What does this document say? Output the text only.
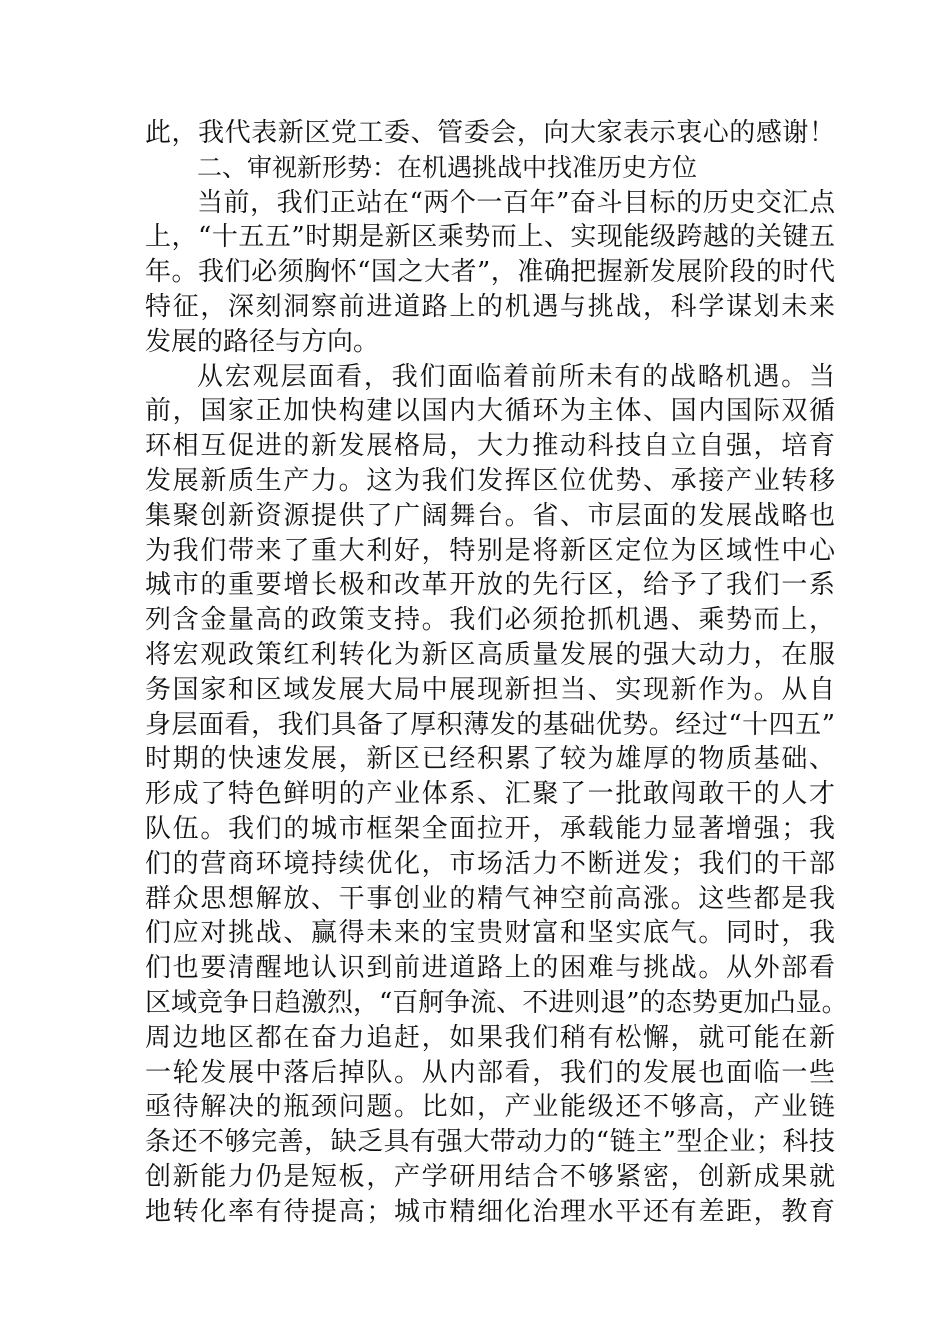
此，我代表新区党工委、管委会，向大家表示衷心的感谢！
二、审视新形势：在机遇挑战中找准历史方位
当前，我们正站在“两个一百年”奋斗目标的历史交汇点
上，“十五五”时期是新区乘势而上、实现能级跨越的关键五
年。我们必须胸怀“国之大者”，准确把握新发展阶段的时代
特征，深刻洞察前进道路上的机遇与挑战，科学谋划未来
发展的路径与方向。
从宏观层面看，我们面临着前所未有的战略机遇。当
前，国家正加快构建以国内大循环为主体、国内国际双循
环相互促进的新发展格局，大力推动科技自立自强，培育
发展新质生产力。这为我们发挥区位优势、承接产业转移
集聚创新资源提供了广阔舞台。省、市层面的发展战略也
为我们带来了重大利好，特别是将新区定位为区域性中心
城市的重要增长极和改革开放的先行区，给予了我们一系
列含金量高的政策支持。我们必须抢抓机遇、乘势而上，
将宏观政策红利转化为新区高质量发展的强大动力，在服
务国家和区域发展大局中展现新担当、实现新作为。从自
身层面看，我们具备了厚积薄发的基础优势。经过“十四五”
时期的快速发展，新区已经积累了较为雄厚的物质基础、
形成了特色鲜明的产业体系、汇聚了一批敢闯敢干的人才
队伍。我们的城市框架全面拉开，承载能力显著增强；我
们的营商环境持续优化，市场活力不断迸发；我们的干部
群众思想解放、干事创业的精气神空前高涨。这些都是我
们应对挑战、赢得未来的宝贵财富和坚实底气。同时，我
们也要清醒地认识到前进道路上的困难与挑战。从外部看
区域竞争日趋激烈，“百舸争流、不进则退”的态势更加凸显。
周边地区都在奋力追赶，如果我们稍有松懈，就可能在新
一轮发展中落后掉队。从内部看，我们的发展也面临一些
亟待解决的瓶颈问题。比如，产业能级还不够高，产业链
条还不够完善，缺乏具有强大带动力的“链主”型企业；科技
创新能力仍是短板，产学研用结合不够紧密，创新成果就
地转化率有待提高；城市精细化治理水平还有差距，教育
